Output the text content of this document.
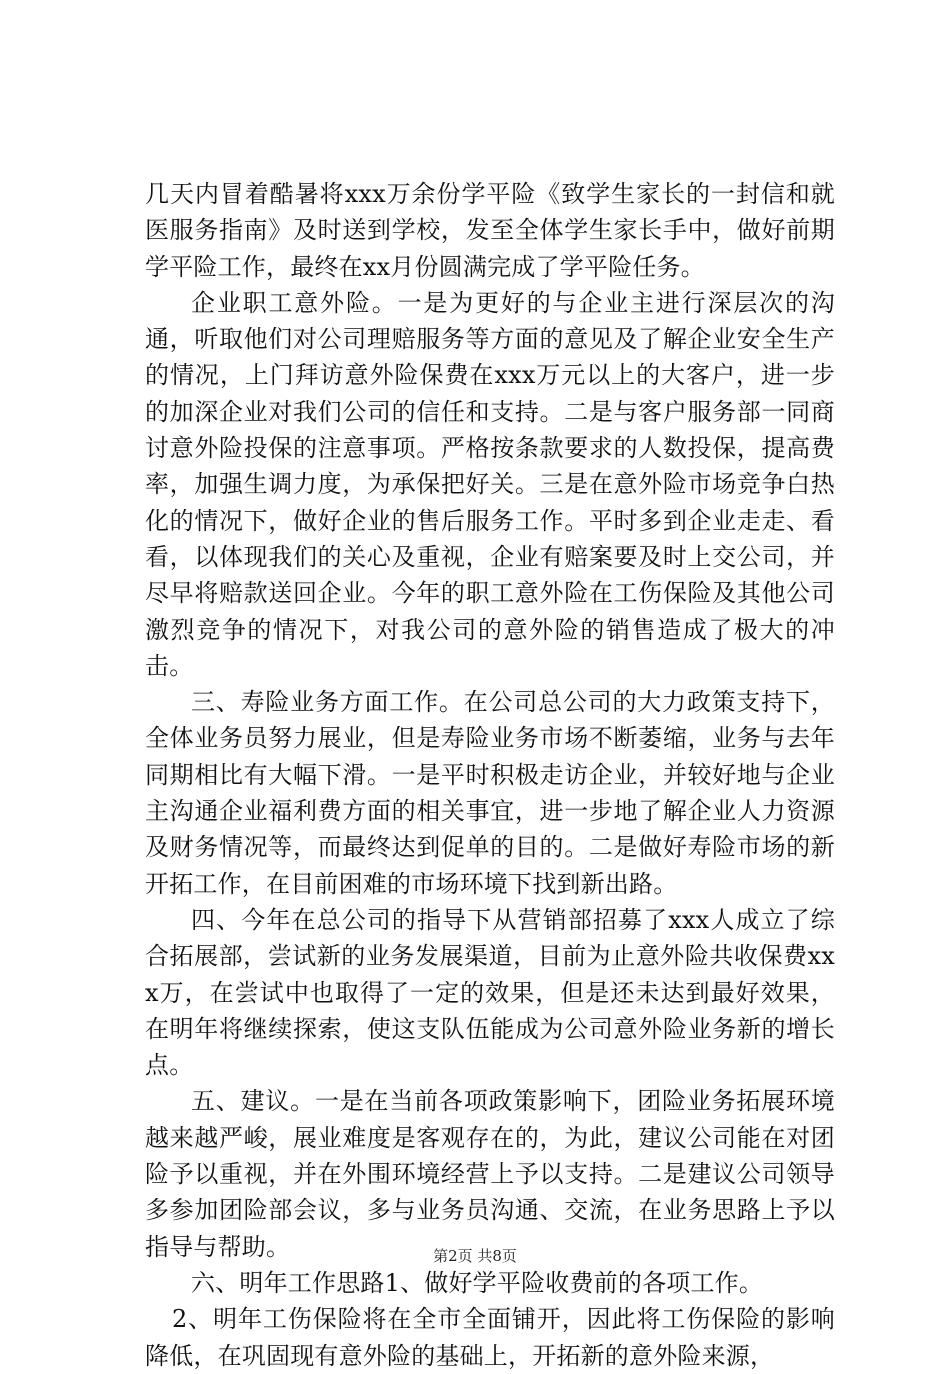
几天内冒着酷暑将xxx万余份学平险《致学生家长的一封信和就医服务指南》及时送到学校，发至全体学生家长手中，做好前期学平险工作，最终在xx月份圆满完成了学平险任务。

企业职工意外险。一是为更好的与企业主进行深层次的沟通，听取他们对公司理赔服务等方面的意见及了解企业安全生产的情况，上门拜访意外险保费在xxx万元以上的大客户，进一步的加深企业对我们公司的信任和支持。二是与客户服务部一同商讨意外险投保的注意事项。严格按条款要求的人数投保，提高费率，加强生调力度，为承保把好关。三是在意外险市场竞争白热化的情况下，做好企业的售后服务工作。平时多到企业走走、看看，以体现我们的关心及重视，企业有赔案要及时上交公司，并尽早将赔款送回企业。今年的职工意外险在工伤保险及其他公司激烈竞争的情况下，对我公司的意外险的销售造成了极大的冲击。

三、寿险业务方面工作。在公司总公司的大力政策支持下，全体业务员努力展业，但是寿险业务市场不断萎缩，业务与去年同期相比有大幅下滑。一是平时积极走访企业，并较好地与企业主沟通企业福利费方面的相关事宜，进一步地了解企业人力资源及财务情况等，而最终达到促单的目的。二是做好寿险市场的新开拓工作，在目前困难的市场环境下找到新出路。

四、今年在总公司的指导下从营销部招募了xxx人成立了综合拓展部，尝试新的业务发展渠道，目前为止意外险共收保费xxx万，在尝试中也取得了一定的效果，但是还未达到最好效果，在明年将继续探索，使这支队伍能成为公司意外险业务新的增长点。

五、建议。一是在当前各项政策影响下，团险业务拓展环境越来越严峻，展业难度是客观存在的，为此，建议公司能在对团险予以重视，并在外围环境经营上予以支持。二是建议公司领导多参加团险部会议，多与业务员沟通、交流，在业务思路上予以指导与帮助。

六、明年工作思路1、做好学平险收费前的各项工作。

2、明年工伤保险将在全市全面铺开，因此将工伤保险的影响降低，在巩固现有意外险的基础上，开拓新的意外险来源，

第2页 共8页
